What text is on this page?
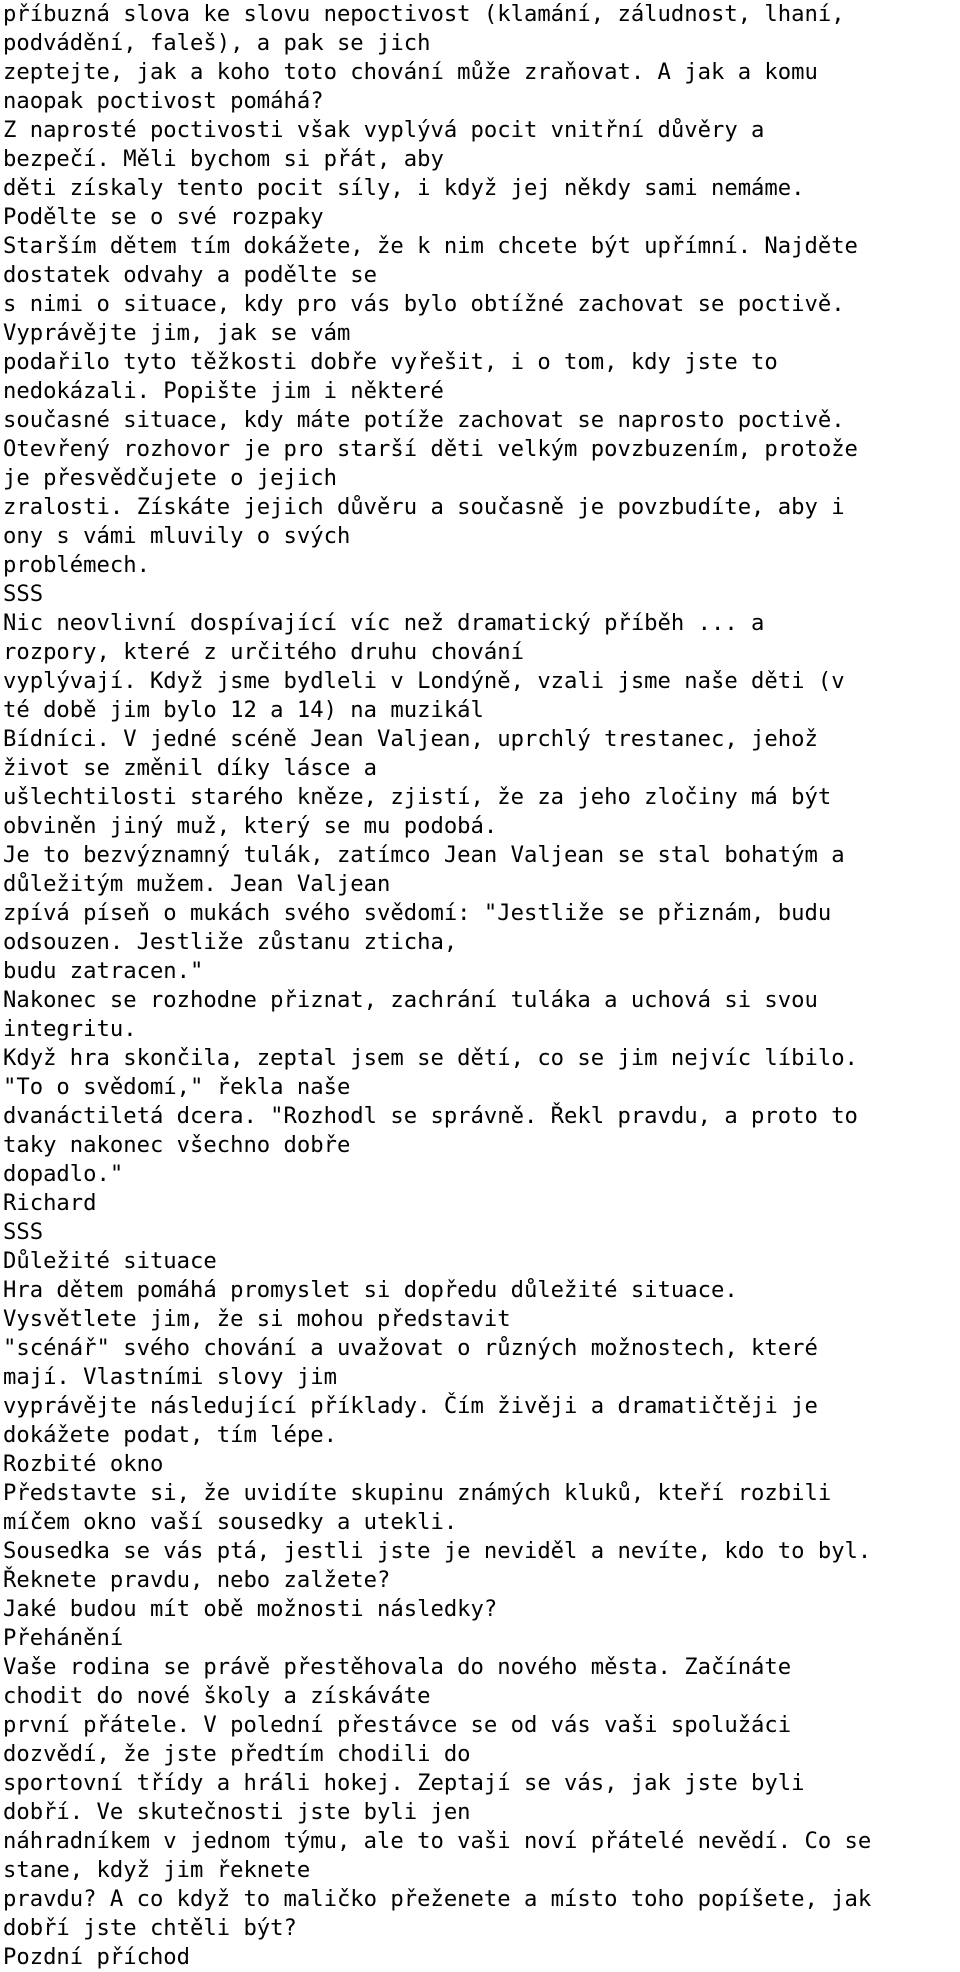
příbuzná slova ke slovu nepoctivost (klamání, záludnost, lhaní,

podvádění, faleš), a pak se jich

zeptejte, jak a koho toto chování může zraňovat. A jak a komu

naopak poctivost pomáhá?

Z naprosté poctivosti však vyplývá pocit vnitřní důvěry a

bezpečí. Měli bychom si přát, aby

děti získaly tento pocit síly, i když jej někdy sami nemáme.

Podělte se o své rozpaky

Starším dětem tím dokážete, že k nim chcete být upřímní. Najděte

dostatek odvahy a podělte se

s nimi o situace, kdy pro vás bylo obtížné zachovat se poctivě.

Vyprávějte jim, jak se vám

podařilo tyto těžkosti dobře vyřešit, i o tom, kdy jste to

nedokázali. Popište jim i některé

současné situace, kdy máte potíže zachovat se naprosto poctivě.

Otevřený rozhovor je pro starší děti velkým povzbuzením, protože

je přesvědčujete o jejich

zralosti. Získáte jejich důvěru a současně je povzbudíte, aby i

ony s vámi mluvily o svých

problémech.

SSS

Nic neovlivní dospívající víc než dramatický příběh ... a

rozpory, které z určitého druhu chování

vyplývají. Když jsme bydleli v Londýně, vzali jsme naše děti (v

té době jim bylo 12 a 14) na muzikál

Bídníci. V jedné scéně Jean Valjean, uprchlý trestanec, jehož

život se změnil díky lásce a

ušlechtilosti starého kněze, zjistí, že za jeho zločiny má být

obviněn jiný muž, který se mu podobá.

Je to bezvýznamný tulák, zatímco Jean Valjean se stal bohatým a

důležitým mužem. Jean Valjean

zpívá píseň o mukách svého svědomí: "Jestliže se přiznám, budu

odsouzen. Jestliže zůstanu zticha,

budu zatracen."

Nakonec se rozhodne přiznat, zachrání tuláka a uchová si svou

integritu.

Když hra skončila, zeptal jsem se dětí, co se jim nejvíc líbilo.

"To o svědomí," řekla naše

dvanáctiletá dcera. "Rozhodl se správně. Řekl pravdu, a proto to

taky nakonec všechno dobře

dopadlo."

Richard

SSS

Důležité situace

Hra dětem pomáhá promyslet si dopředu důležité situace.

Vysvětlete jim, že si mohou představit

"scénář" svého chování a uvažovat o různých možnostech, které

mají. Vlastními slovy jim

vyprávějte následující příklady. Čím živěji a dramatičtěji je

dokážete podat, tím lépe.

Rozbité okno

Představte si, že uvidíte skupinu známých kluků, kteří rozbili

míčem okno vaší sousedky a utekli.

Sousedka se vás ptá, jestli jste je neviděl a nevíte, kdo to byl.

Řeknete pravdu, nebo zalžete?

Jaké budou mít obě možnosti následky?

Přehánění

Vaše rodina se právě přestěhovala do nového města. Začínáte

chodit do nové školy a získáváte

první přátele. V polední přestávce se od vás vaši spolužáci

dozvědí, že jste předtím chodili do

sportovní třídy a hráli hokej. Zeptají se vás, jak jste byli

dobří. Ve skutečnosti jste byli jen

náhradníkem v jednom týmu, ale to vaši noví přátelé nevědí. Co se

stane, když jim řeknete

pravdu? A co když to maličko přeženete a místo toho popíšete, jak

dobří jste chtěli být?

Pozdní příchod
